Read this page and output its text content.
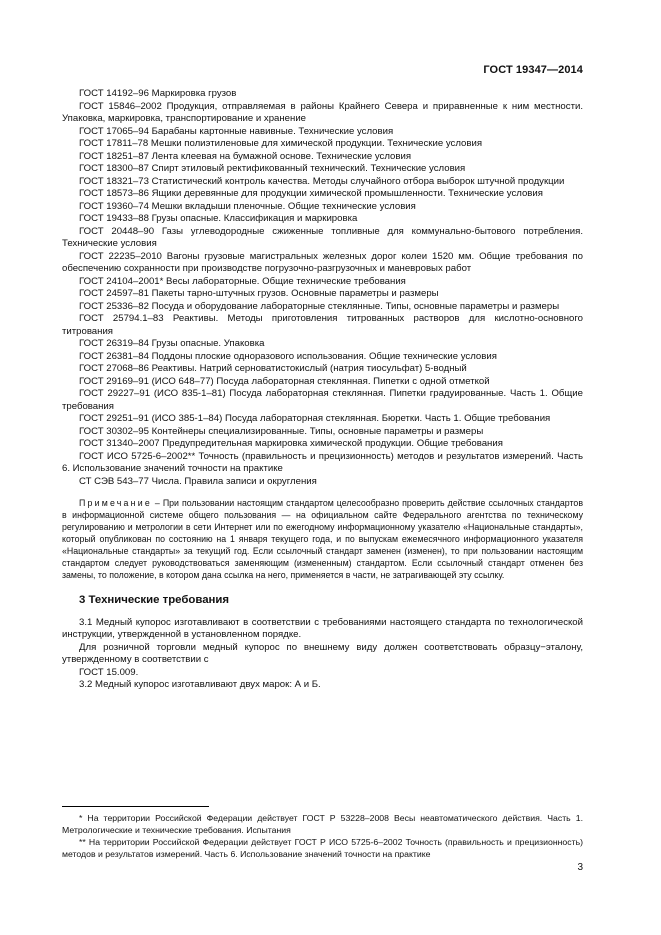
ГОСТ 19347—2014

ГОСТ 14192–96 Маркировка грузов

ГОСТ 15846–2002 Продукция, отправляемая в районы Крайнего Севера и приравненные к ним местности. Упаковка, маркировка, транспортирование и хранение

ГОСТ 17065–94 Барабаны картонные навивные. Технические условия

ГОСТ 17811–78 Мешки полиэтиленовые для химической продукции. Технические условия

ГОСТ 18251–87 Лента клеевая на бумажной основе. Технические условия

ГОСТ 18300–87 Спирт этиловый ректификованный технический. Технические условия

ГОСТ 18321–73 Статистический контроль качества. Методы случайного отбора выборок штучной продукции

ГОСТ 18573–86 Ящики деревянные для продукции химической промышленности. Технические условия

ГОСТ 19360–74 Мешки вкладыши пленочные. Общие технические условия

ГОСТ 19433–88 Грузы опасные. Классификация и маркировка

ГОСТ 20448–90 Газы углеводородные сжиженные топливные для коммунально-бытового потребления. Технические условия

ГОСТ 22235–2010 Вагоны грузовые магистральных железных дорог колеи 1520 мм. Общие требования по обеспечению сохранности при производстве погрузочно-разгрузочных и маневровых работ

ГОСТ 24104–2001* Весы лабораторные. Общие технические требования

ГОСТ 24597–81 Пакеты тарно-штучных грузов. Основные параметры и размеры

ГОСТ 25336–82 Посуда и оборудование лабораторные стеклянные. Типы, основные параметры и размеры

ГОСТ 25794.1–83 Реактивы. Методы приготовления титрованных растворов для кислотно-основного титрования

ГОСТ 26319–84 Грузы опасные. Упаковка

ГОСТ 26381–84 Поддоны плоские одноразового использования. Общие технические условия

ГОСТ 27068–86 Реактивы. Натрий серноватистокислый (натрия тиосульфат) 5-водный

ГОСТ 29169–91 (ИСО 648–77) Посуда лабораторная стеклянная. Пипетки с одной отметкой

ГОСТ 29227–91 (ИСО 835-1–81) Посуда лабораторная стеклянная. Пипетки градуированные. Часть 1. Общие требования

ГОСТ 29251–91 (ИСО 385-1–84) Посуда лабораторная стеклянная. Бюретки. Часть 1. Общие требования

ГОСТ 30302–95 Контейнеры специализированные. Типы, основные параметры и размеры

ГОСТ 31340–2007 Предупредительная маркировка химической продукции. Общие требования

ГОСТ ИСО 5725-6–2002** Точность (правильность и прецизионность) методов и результатов измерений. Часть 6. Использование значений точности на практике

СТ СЭВ 543–77 Числа. Правила записи и округления

Примечание – При пользовании настоящим стандартом целесообразно проверить действие ссылочных стандартов в информационной системе общего пользования — на официальном сайте Федерального агентства по техническому регулированию и метрологии в сети Интернет или по ежегодному информационному указателю «Национальные стандарты», который опубликован по состоянию на 1 января текущего года, и по выпускам ежемесячного информационного указателя «Национальные стандарты» за текущий год. Если ссылочный стандарт заменен (изменен), то при пользовании настоящим стандартом следует руководствоваться заменяющим (измененным) стандартом. Если ссылочный стандарт отменен без замены, то положение, в котором дана ссылка на него, применяется в части, не затрагивающей эту ссылку.

3 Технические требования

3.1 Медный купорос изготавливают в соответствии с требованиями настоящего стандарта по технологической инструкции, утвержденной в установленном порядке.

Для розничной торговли медный купорос по внешнему виду должен соответствовать образцу−эталону, утвержденному в соответствии с

ГОСТ 15.009.

3.2 Медный купорос изготавливают двух марок: А и Б.

* На территории Российской Федерации действует ГОСТ Р 53228–2008 Весы неавтоматического действия. Часть 1. Метрологические и технические требования. Испытания

** На территории Российской Федерации действует ГОСТ Р ИСО 5725-6–2002 Точность (правильность и прецизионность) методов и результатов измерений. Часть 6. Использование значений точности на практике

3
